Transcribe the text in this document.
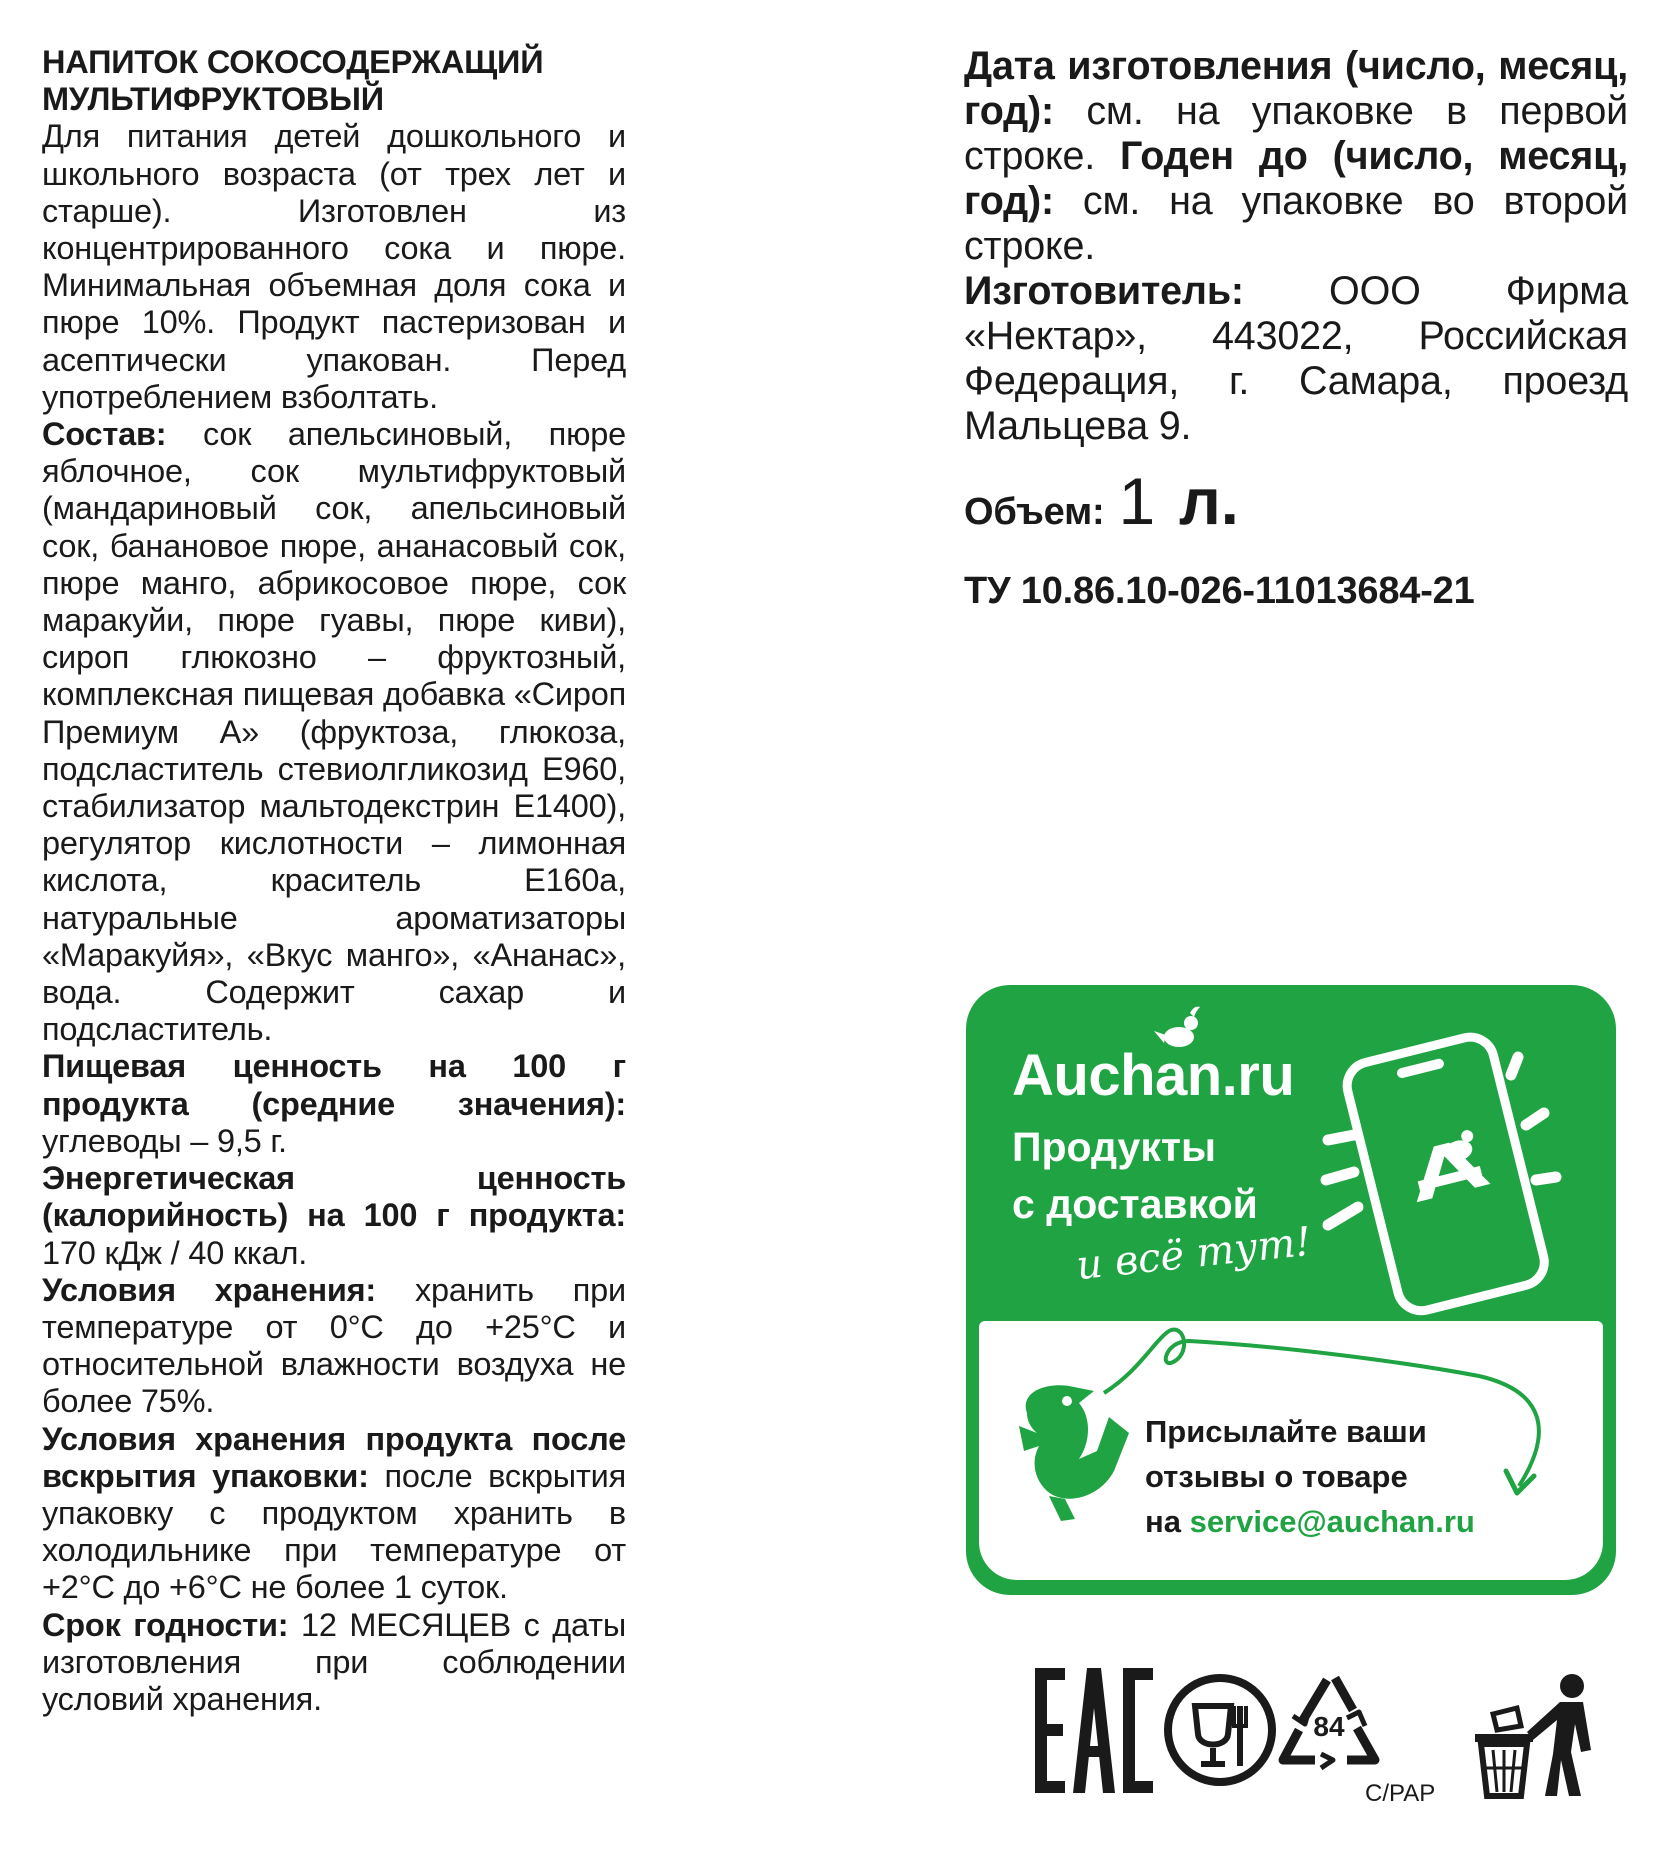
НАПИТОК СОКОСОДЕРЖАЩИЙ
МУЛЬТИФРУКТОВЫЙ

Для питания детей дошкольного и школьного возраста (от трех лет и старше). Изготовлен из концентрированного сока и пюре. Минимальная объемная доля сока и пюре 10%. Продукт пастеризован и асептически упакован. Перед употреблением взболтать.

Состав: сок апельсиновый, пюре яблочное, сок мультифруктовый (мандариновый сок, апельсиновый сок, банановое пюре, ананасовый сок, пюре манго, абрикосовое пюре, сок маракуйи, пюре гуавы, пюре киви), сироп глюкозно – фруктозный, комплексная пищевая добавка «Сироп Премиум А» (фруктоза, глюкоза, подсластитель стевиолгликозид Е960, стабилизатор мальтодекстрин Е1400), регулятор кислотности – лимонная кислота, краситель Е160а, натуральные ароматизаторы «Маракуйя», «Вкус манго», «Ананас», вода. Содержит сахар и подсластитель.

Пищевая ценность на 100 г продукта (средние значения): углеводы – 9,5 г.

Энергетическая ценность (калорийность) на 100 г продукта: 170 кДж / 40 ккал.

Условия хранения: хранить при температуре от 0°С до +25°С и относительной влажности воздуха не более 75%.

Условия хранения продукта после вскрытия упаковки: после вскрытия упаковку с продуктом хранить в холодильнике при температуре от +2°С до +6°С не более 1 суток.

Срок годности: 12 МЕСЯЦЕВ с даты изготовления при соблюдении условий хранения.

Дата изготовления (число, месяц, год): см. на упаковке в первой строке. Годен до (число, месяц, год): см. на упаковке во второй строке.

Изготовитель: ООО Фирма «Нектар», 443022, Российская Федерация, г. Самара, проезд Мальцева 9.

Объем: 1 л.

ТУ 10.86.10-026-11013684-21

Auchan.ru
Продукты
с доставкой
и всё тут!
Присылайте ваши
отзывы о товаре
на service@auchan.ru
84
C/PAP
